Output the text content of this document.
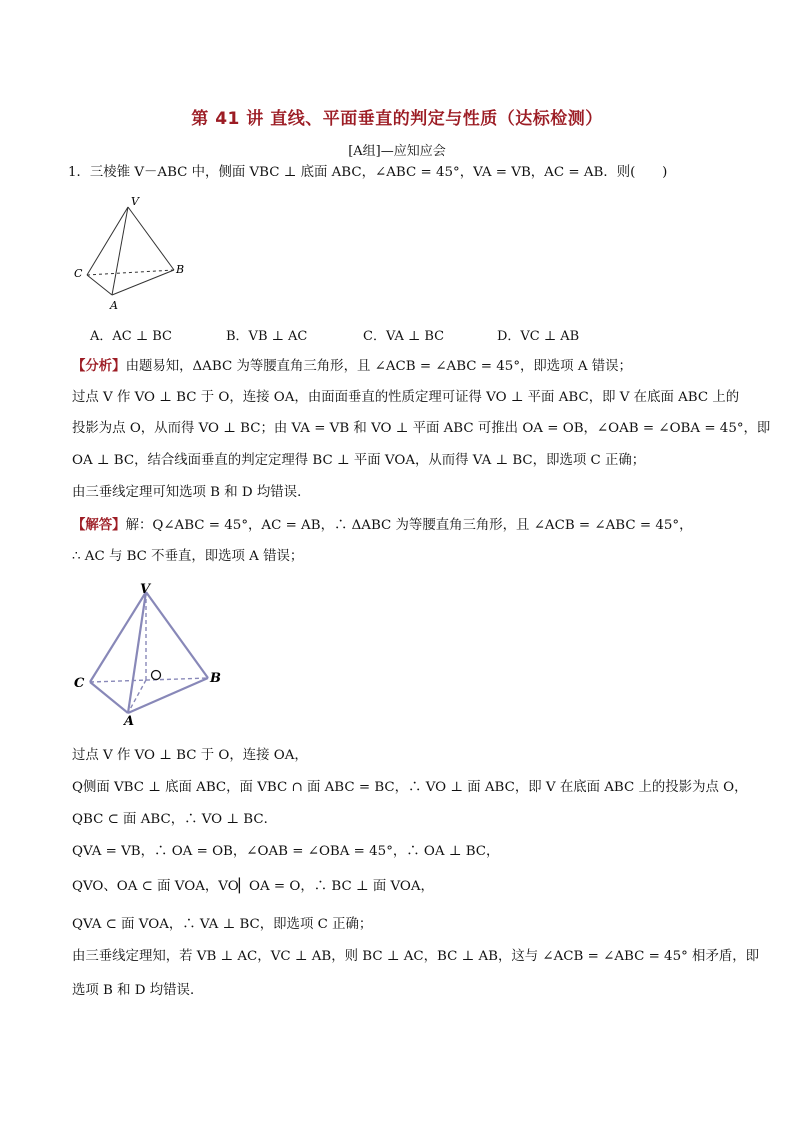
第 41 讲 直线、平面垂直的判定与性质（达标检测）
[A组]—应知应会
1．三棱锥 V－ABC 中，侧面 VBC ⊥ 底面 ABC，∠ABC = 45°，VA = VB，AC = AB．则(　　)
V
C	B
A
A．AC ⊥ BC	B．VB ⊥ AC	C．VA ⊥ BC	D．VC ⊥ AB
【分析】由题易知，ΔABC 为等腰直角三角形，且 ∠ACB = ∠ABC = 45°，即选项 A 错误；
过点 V 作 VO ⊥ BC 于 O，连接 OA，由面面垂直的性质定理可证得 VO ⊥ 平面 ABC，即 V 在底面 ABC 上的
投影为点 O，从而得 VO ⊥ BC；由 VA = VB 和 VO ⊥ 平面 ABC 可推出 OA = OB，∠OAB = ∠OBA = 45°，即
OA ⊥ BC，结合线面垂直的判定定理得 BC ⊥ 平面 VOA，从而得 VA ⊥ BC，即选项 C 正确；
由三垂线定理可知选项 B 和 D 均错误．
【解答】解：Q∠ABC = 45°，AC = AB，∴ ΔABC 为等腰直角三角形，且 ∠ACB = ∠ABC = 45°，
∴ AC 与 BC 不垂直，即选项 A 错误；
V
C	B
A
过点 V 作 VO ⊥ BC 于 O，连接 OA，
Q侧面 VBC ⊥ 底面 ABC，面 VBC ∩ 面 ABC = BC，∴ VO ⊥ 面 ABC，即 V 在底面 ABC 上的投影为点 O，
QBC ⊂ 面 ABC，∴ VO ⊥ BC．
QVA = VB，∴ OA = OB，∠OAB = ∠OBA = 45°，∴ OA ⊥ BC，
QVO、OA ⊂ 面 VOA，VO▏OA = O，∴ BC ⊥ 面 VOA，
QVA ⊂ 面 VOA，∴ VA ⊥ BC，即选项 C 正确；
由三垂线定理知，若 VB ⊥ AC，VC ⊥ AB，则 BC ⊥ AC，BC ⊥ AB，这与 ∠ACB = ∠ABC = 45° 相矛盾，即
选项 B 和 D 均错误．
